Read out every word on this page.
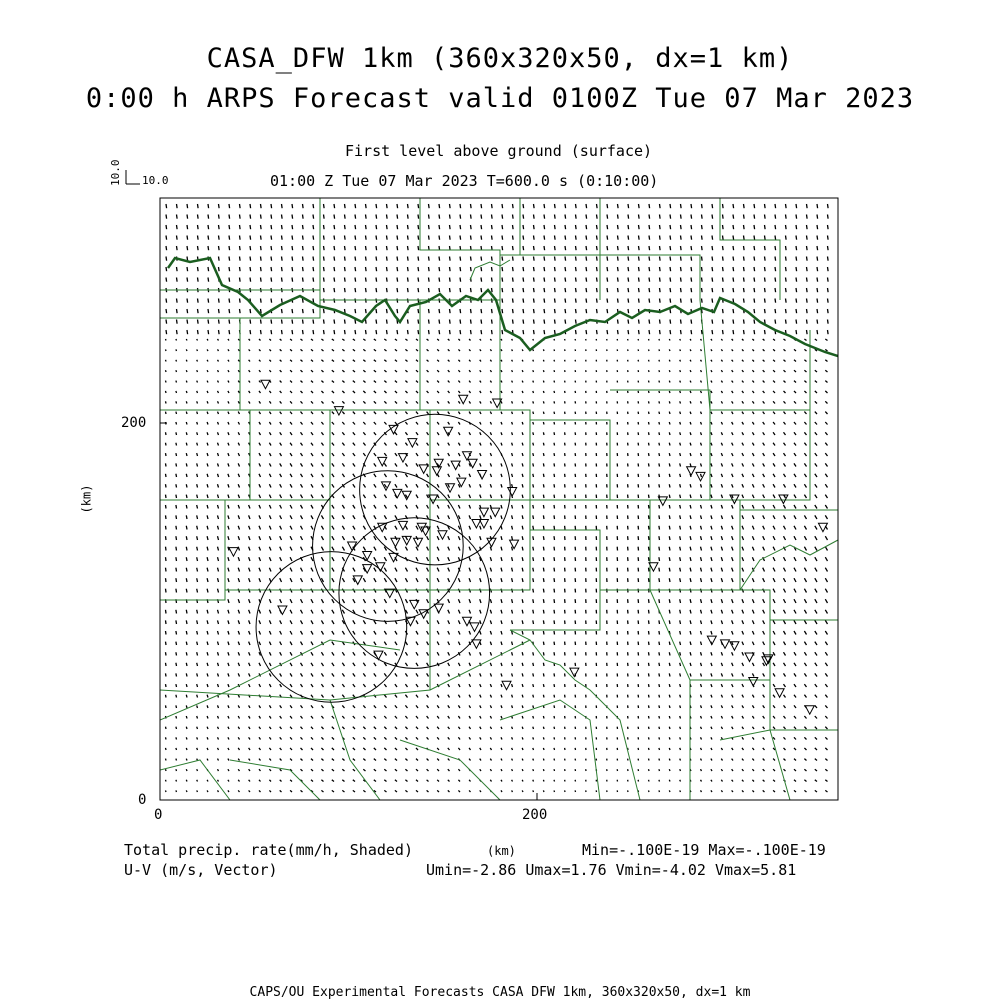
CASA_DFW 1km (360x320x50, dx=1 km)
0:00 h ARPS Forecast valid 0100Z Tue 07 Mar 2023
First level above ground (surface)
01:00 Z Tue 07 Mar 2023 T=600.0 s (0:10:00)
10.0 10.0
0	200
0
200
(km)
Total precip. rate(mm/h, Shaded)	(km)	Min=-.100E-19 Max=-.100E-19
U-V (m/s, Vector)	Umin=-2.86 Umax=1.76 Vmin=-4.02 Vmax=5.81
CAPS/OU Experimental Forecasts CASA DFW 1km, 360x320x50, dx=1 km
